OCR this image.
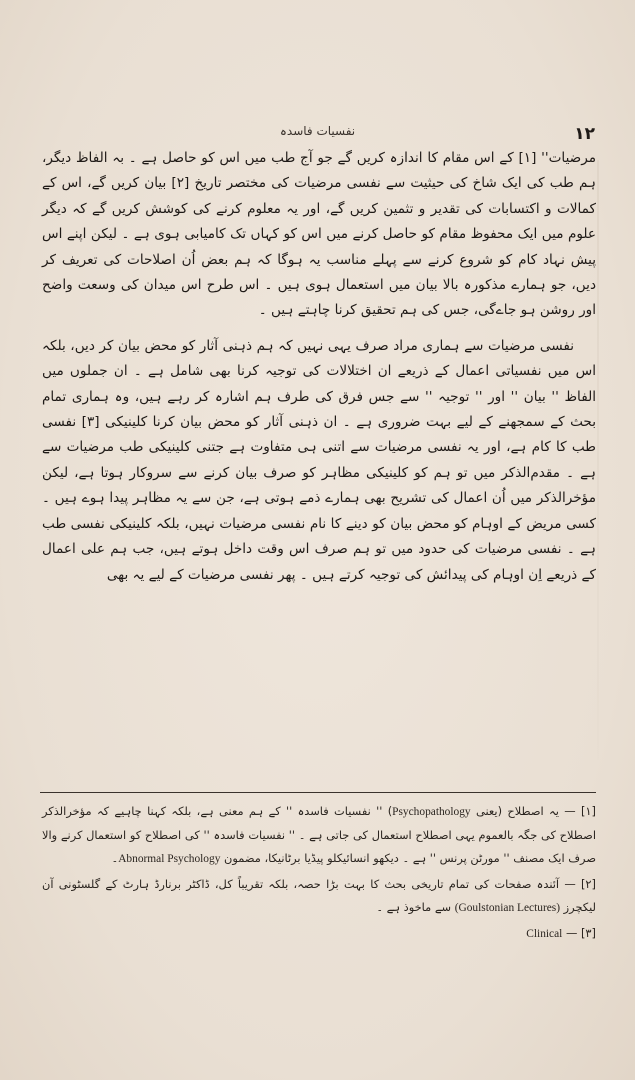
نفسیات فاسدہ	١٢

مرضیات'' [١] کے اس مقام کا اندازہ کریں گے جو آج طب میں اس کو حاصل ہے ۔ بہ الفاظ دیگر، ہم طب کی ایک شاخ کی حیثیت سے نفسی مرضیات کی مختصر تاریخ [٢] بیان کریں گے، اس کے کمالات و اکتسابات کی تقدیر و تثمین کریں گے، اور یہ معلوم کرنے کی کوشش کریں گے کہ دیگر علوم میں ایک محفوظ مقام کو حاصل کرنے میں اس کو کہاں تک کامیابی ہوی ہے ۔ لیکن اپنے اس پیش نہاد کام کو شروع کرنے سے پہلے مناسب یہ ہوگا کہ ہم بعض اُن اصلاحات کی تعریف کر دیں، جو ہمارے مذکورہ بالا بیان میں استعمال ہوی ہیں ۔ اس طرح اس میدان کی وسعت واضح اور روشن ہو جاےگی، جس کی ہم تحقیق کرنا چاہتے ہیں ۔

نفسی مرضیات سے ہماری مراد صرف یہی نہیں کہ ہم ذہنی آثار کو محض بیان کر دیں، بلکہ اس میں نفسیاتی اعمال کے ذریعے ان اختلالات کی توجیہ کرنا بھی شامل ہے ۔ ان جملوں میں الفاظ '' بیان '' اور '' توجیہ '' سے جس فرق کی طرف ہم اشارہ کر رہے ہیں، وہ ہماری تمام بحث کے سمجھنے کے لیے بہت ضروری ہے ۔ ان ذہنی آثار کو محض بیان کرنا کلینیکی [٣] نفسی طب کا کام ہے، اور یہ نفسی مرضیات سے اتنی ہی متفاوت ہے جتنی کلینیکی طب مرضیات سے ہے ۔ مقدم‌الذکر میں تو ہم کو کلینیکی مظاہر کو صرف بیان کرنے سے سروکار ہوتا ہے، لیکن مؤخرالذکر میں اُن اعمال کی تشریح بھی ہمارے ذمے ہوتی ہے، جن سے یہ مظاہر پیدا ہوے ہیں ۔ کسی مریض کے اوہام کو محض بیان کو دینے کا نام نفسی مرضیات نہیں، بلکہ کلینیکی نفسی طب ہے ۔ نفسی مرضیات کی حدود میں تو ہم صرف اس وقت داخل ہوتے ہیں، جب ہم علی اعمال کے ذریعے اِن اوہام کی پیدائش کی توجیہ کرتے ہیں ۔ پھر نفسی مرضیات کے لیے یہ بھی

[١] — یہ اصطلاح (یعنی Psychopathology) '' نفسیات فاسدہ '' کے ہم معنی ہے، بلکہ کہنا چاہیے کہ مؤخرالذکر اصطلاح کی جگہ بالعموم یہی اصطلاح استعمال کی جاتی ہے ۔ '' نفسیات فاسدہ '' کی اصطلاح کو استعمال کرنے والا صرف ایک مصنف '' مورٹن پرنس '' ہے ۔ دیکھو انسائیکلو پیڈیا برٹانیکا، مضمون Abnormal Psychology۔

[٢] — آئندہ صفحات کی تمام تاریخی بحث کا بہت بڑا حصہ، بلکہ تقریباً کل، ڈاکٹر برنارڈ ہارٹ کے گلسٹونی آن لیکچرز (Goulstonian Lectures) سے ماخوذ ہے ۔

[٣] — Clinical
